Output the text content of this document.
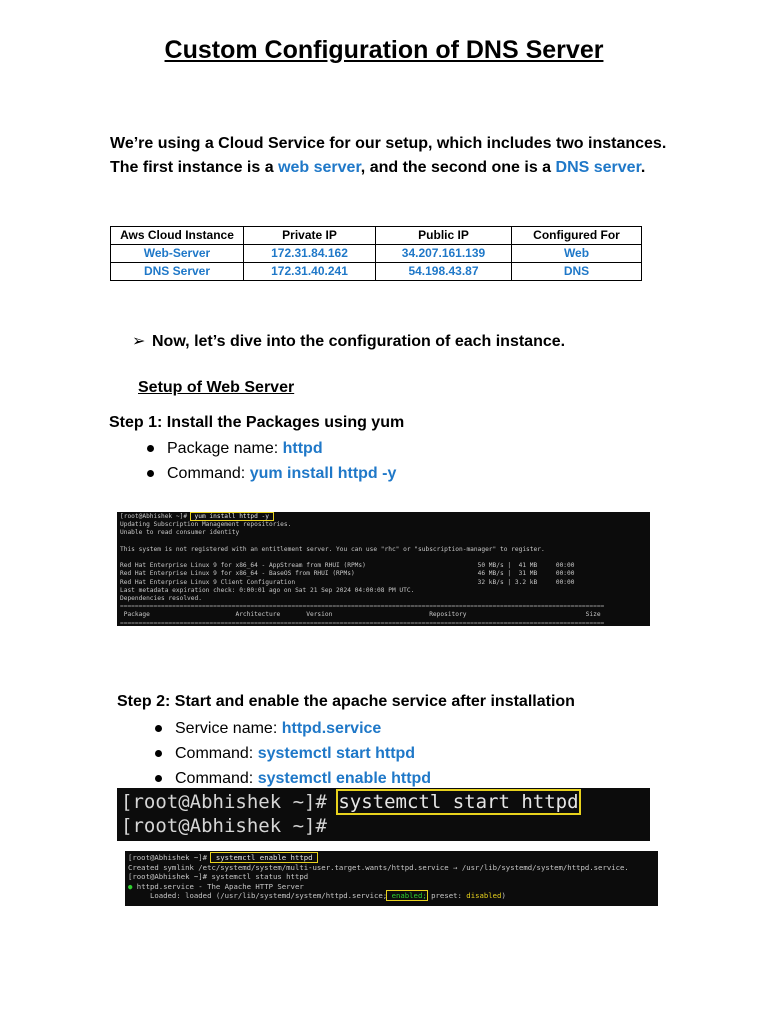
Custom Configuration of DNS Server

We’re using a Cloud Service for our setup, which includes two instances. The first instance is a web server, and the second one is a DNS server.

Aws Cloud Instance	Private IP	Public IP	Configured For
Web-Server	172.31.84.162	34.207.161.139	Web
DNS Server	172.31.40.241	54.198.43.87	DNS

➢ Now, let’s dive into the configuration of each instance.

Setup of Web Server
Step 1: Install the Packages using yum
Package name: httpd
Command: yum install httpd -y
[root@Abhishek ~]#  yum install httpd -y
Updating Subscription Management repositories.
Unable to read consumer identity

This system is not registered with an entitlement server. You can use "rhc" or "subscription-manager" to register.

Red Hat Enterprise Linux 9 for x86_64 - AppStream from RHUI (RPMs)                              50 MB/s |  41 MB     00:00
Red Hat Enterprise Linux 9 for x86_64 - BaseOS from RHUI (RPMs)                                 46 MB/s |  31 MB     00:00
Red Hat Enterprise Linux 9 Client Configuration                                                 32 kB/s | 3.2 kB     00:00
Last metadata expiration check: 0:00:01 ago on Sat 21 Sep 2024 04:00:08 PM UTC.
Dependencies resolved.
==================================================================================================================================
Package                       Architecture       Version                          Repository                                Size
==================================================================================================================================
Step 2: Start and enable the apache service after installation
Service name: httpd.service
Command: systemctl start httpd
Command: systemctl enable httpd
[root@Abhishek ~]# systemctl start httpd
[root@Abhishek ~]#
[root@Abhishek ~]#  systemctl enable httpd
Created symlink /etc/systemd/system/multi-user.target.wants/httpd.service → /usr/lib/systemd/system/httpd.service.
[root@Abhishek ~]# systemctl status httpd
● httpd.service - The Apache HTTP Server
Loaded: loaded (/usr/lib/systemd/system/httpd.service; enabled; preset: disabled)
